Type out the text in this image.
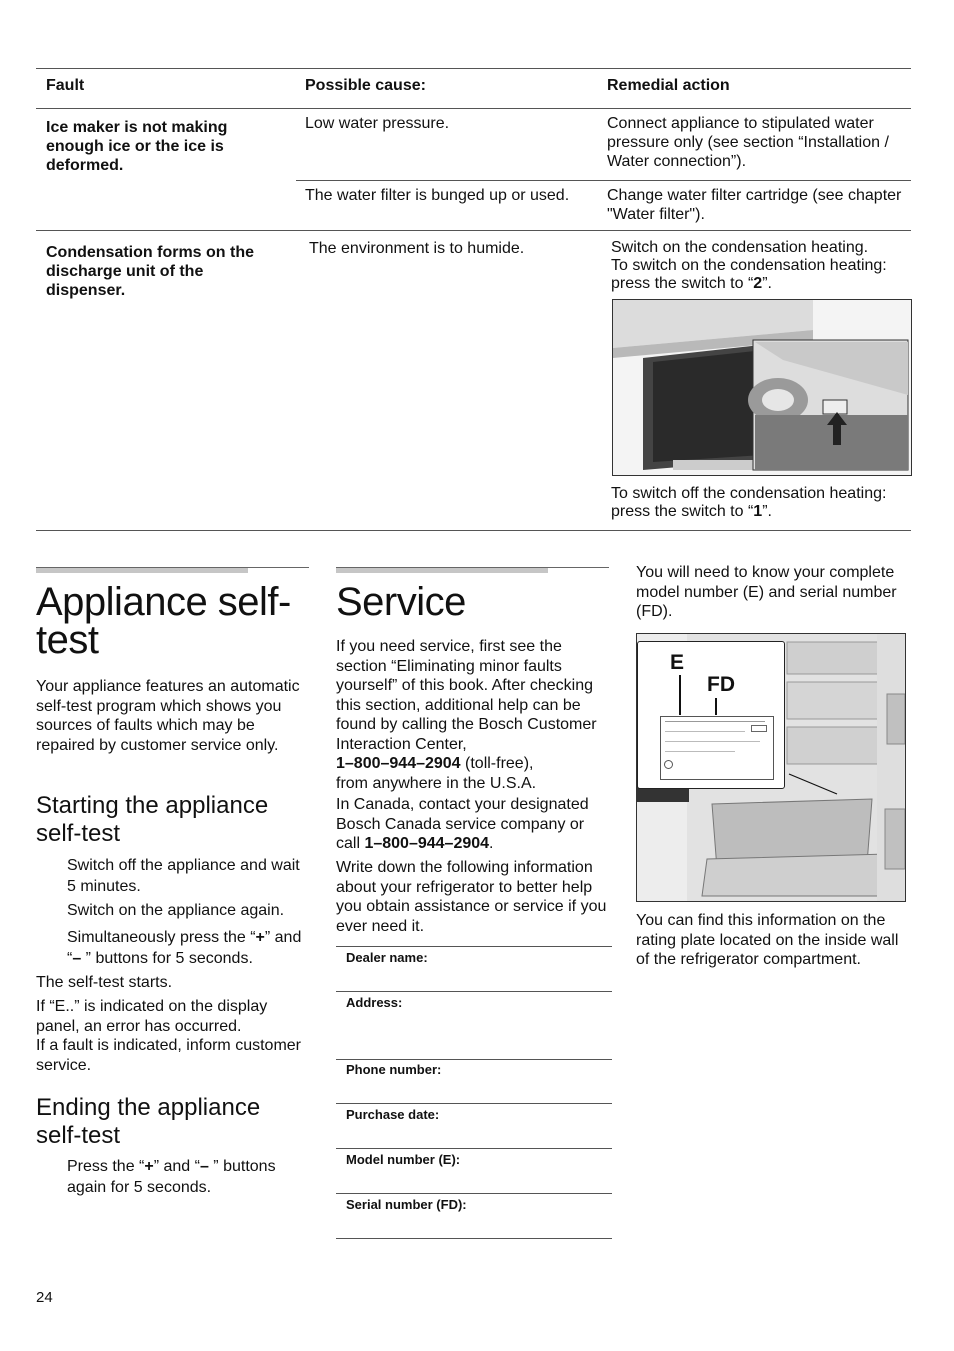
Fault	Possible cause:	Remedial action
Ice maker is not making enough ice or the ice is deformed.
Low water pressure.	Connect appliance to stipulated water pressure only (see section “Installation / Water connection”).
The water filter is bunged up or used.	Change water filter cartridge (see chapter "Water filter").
Condensation forms on the discharge unit of the dispenser.
The environment is to humide.	Switch on the condensation heating.
To switch on the condensation heating: press the switch to “2”.
To switch off the condensation heating: press the switch to “1”.
Appliance self-test
Your appliance features an automatic self-test program which shows you sources of faults which may be repaired by customer service only.
Starting the appliance self-test
Switch off the appliance and wait 5 minutes.
Switch on the appliance again.
Simultaneously press the “+” and “– ” buttons for 5 seconds.
The self-test starts.
If “E..” is indicated on the display panel, an error has occurred.
If a fault is indicated, inform customer service.
Ending the appliance self-test
Press the “+” and “– ” buttons again for 5 seconds.
Service
If you need service, first see the section “Eliminating minor faults yourself” of this book. After checking this section, additional help can be found by calling the Bosch Customer Interaction Center,
1–800–944–2904 (toll-free),
from anywhere in the U.S.A.
In Canada, contact your designated Bosch Canada service company or call 1–800–944–2904.
Write down the following information about your refrigerator to better help you obtain assistance or service if you ever need it.
Dealer name:
Address:
Phone number:
Purchase date:
Model number (E):
Serial number (FD):
You will need to know your complete model number (E) and serial number (FD).
E
FD
You can find this information on the rating plate located on the inside wall of the refrigerator compartment.
24
